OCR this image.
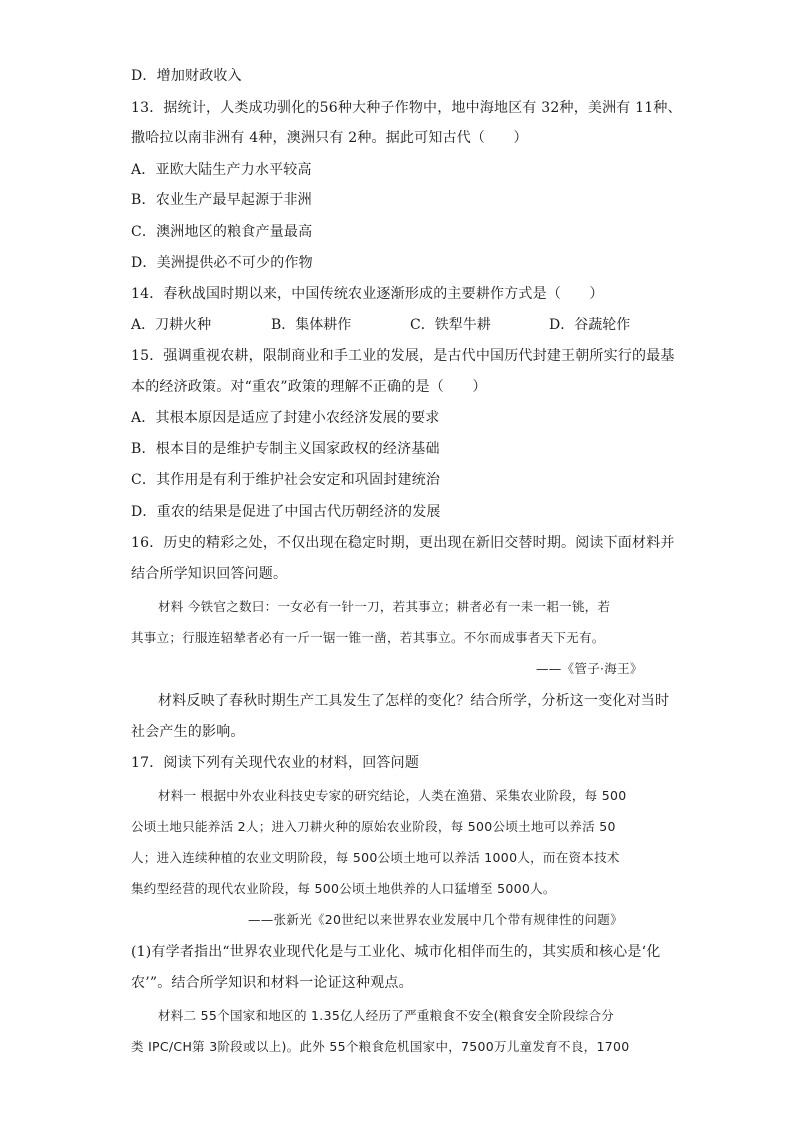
D．增加财政收入
13．据统计，人类成功驯化的56种大种子作物中，地中海地区有 32种，美洲有 11种、
撒哈拉以南非洲有 4种，澳洲只有 2种。据此可知古代（　　）
A．亚欧大陆生产力水平较高
B．农业生产最早起源于非洲
C．澳洲地区的粮食产量最高
D．美洲提供必不可少的作物
14．春秋战国时期以来，中国传统农业逐渐形成的主要耕作方式是（　　）
A．刀耕火种	B．集体耕作	C．铁犁牛耕	D．谷蔬轮作
15．强调重视农耕，限制商业和手工业的发展，是古代中国历代封建王朝所实行的最基
本的经济政策。对“重农”政策的理解不正确的是（　　）
A．其根本原因是适应了封建小农经济发展的要求
B．根本目的是维护专制主义国家政权的经济基础
C．其作用是有利于维护社会安定和巩固封建统治
D．重农的结果是促进了中国古代历朝经济的发展
16．历史的精彩之处，不仅出现在稳定时期，更出现在新旧交替时期。阅读下面材料并
结合所学知识回答问题。
材料 今铁官之数曰：一女必有一针一刀，若其事立；耕者必有一耒一耜一铫，若
其事立；行服连轺辇者必有一斤一锯一锥一凿，若其事立。不尔而成事者天下无有。
——《管子·海王》
材料反映了春秋时期生产工具发生了怎样的变化？结合所学，分析这一变化对当时
社会产生的影响。
17．阅读下列有关现代农业的材料，回答问题
材料一 根据中外农业科技史专家的研究结论，人类在渔猎、采集农业阶段，每 500
公顷土地只能养活 2人；进入刀耕火种的原始农业阶段，每 500公顷土地可以养活 50
人；进入连续种植的农业文明阶段，每 500公顷土地可以养活 1000人，而在资本技术
集约型经营的现代农业阶段，每 500公顷土地供养的人口猛增至 5000人。
——张新光《20世纪以来世界农业发展中几个带有规律性的问题》
(1)有学者指出“世界农业现代化是与工业化、城市化相伴而生的，其实质和核心是‘化
农’”。结合所学知识和材料一论证这种观点。
材料二 55个国家和地区的 1.35亿人经历了严重粮食不安全(粮食安全阶段综合分
类 IPC/CH第 3阶段或以上)。此外 55个粮食危机国家中，7500万儿童发育不良，1700
